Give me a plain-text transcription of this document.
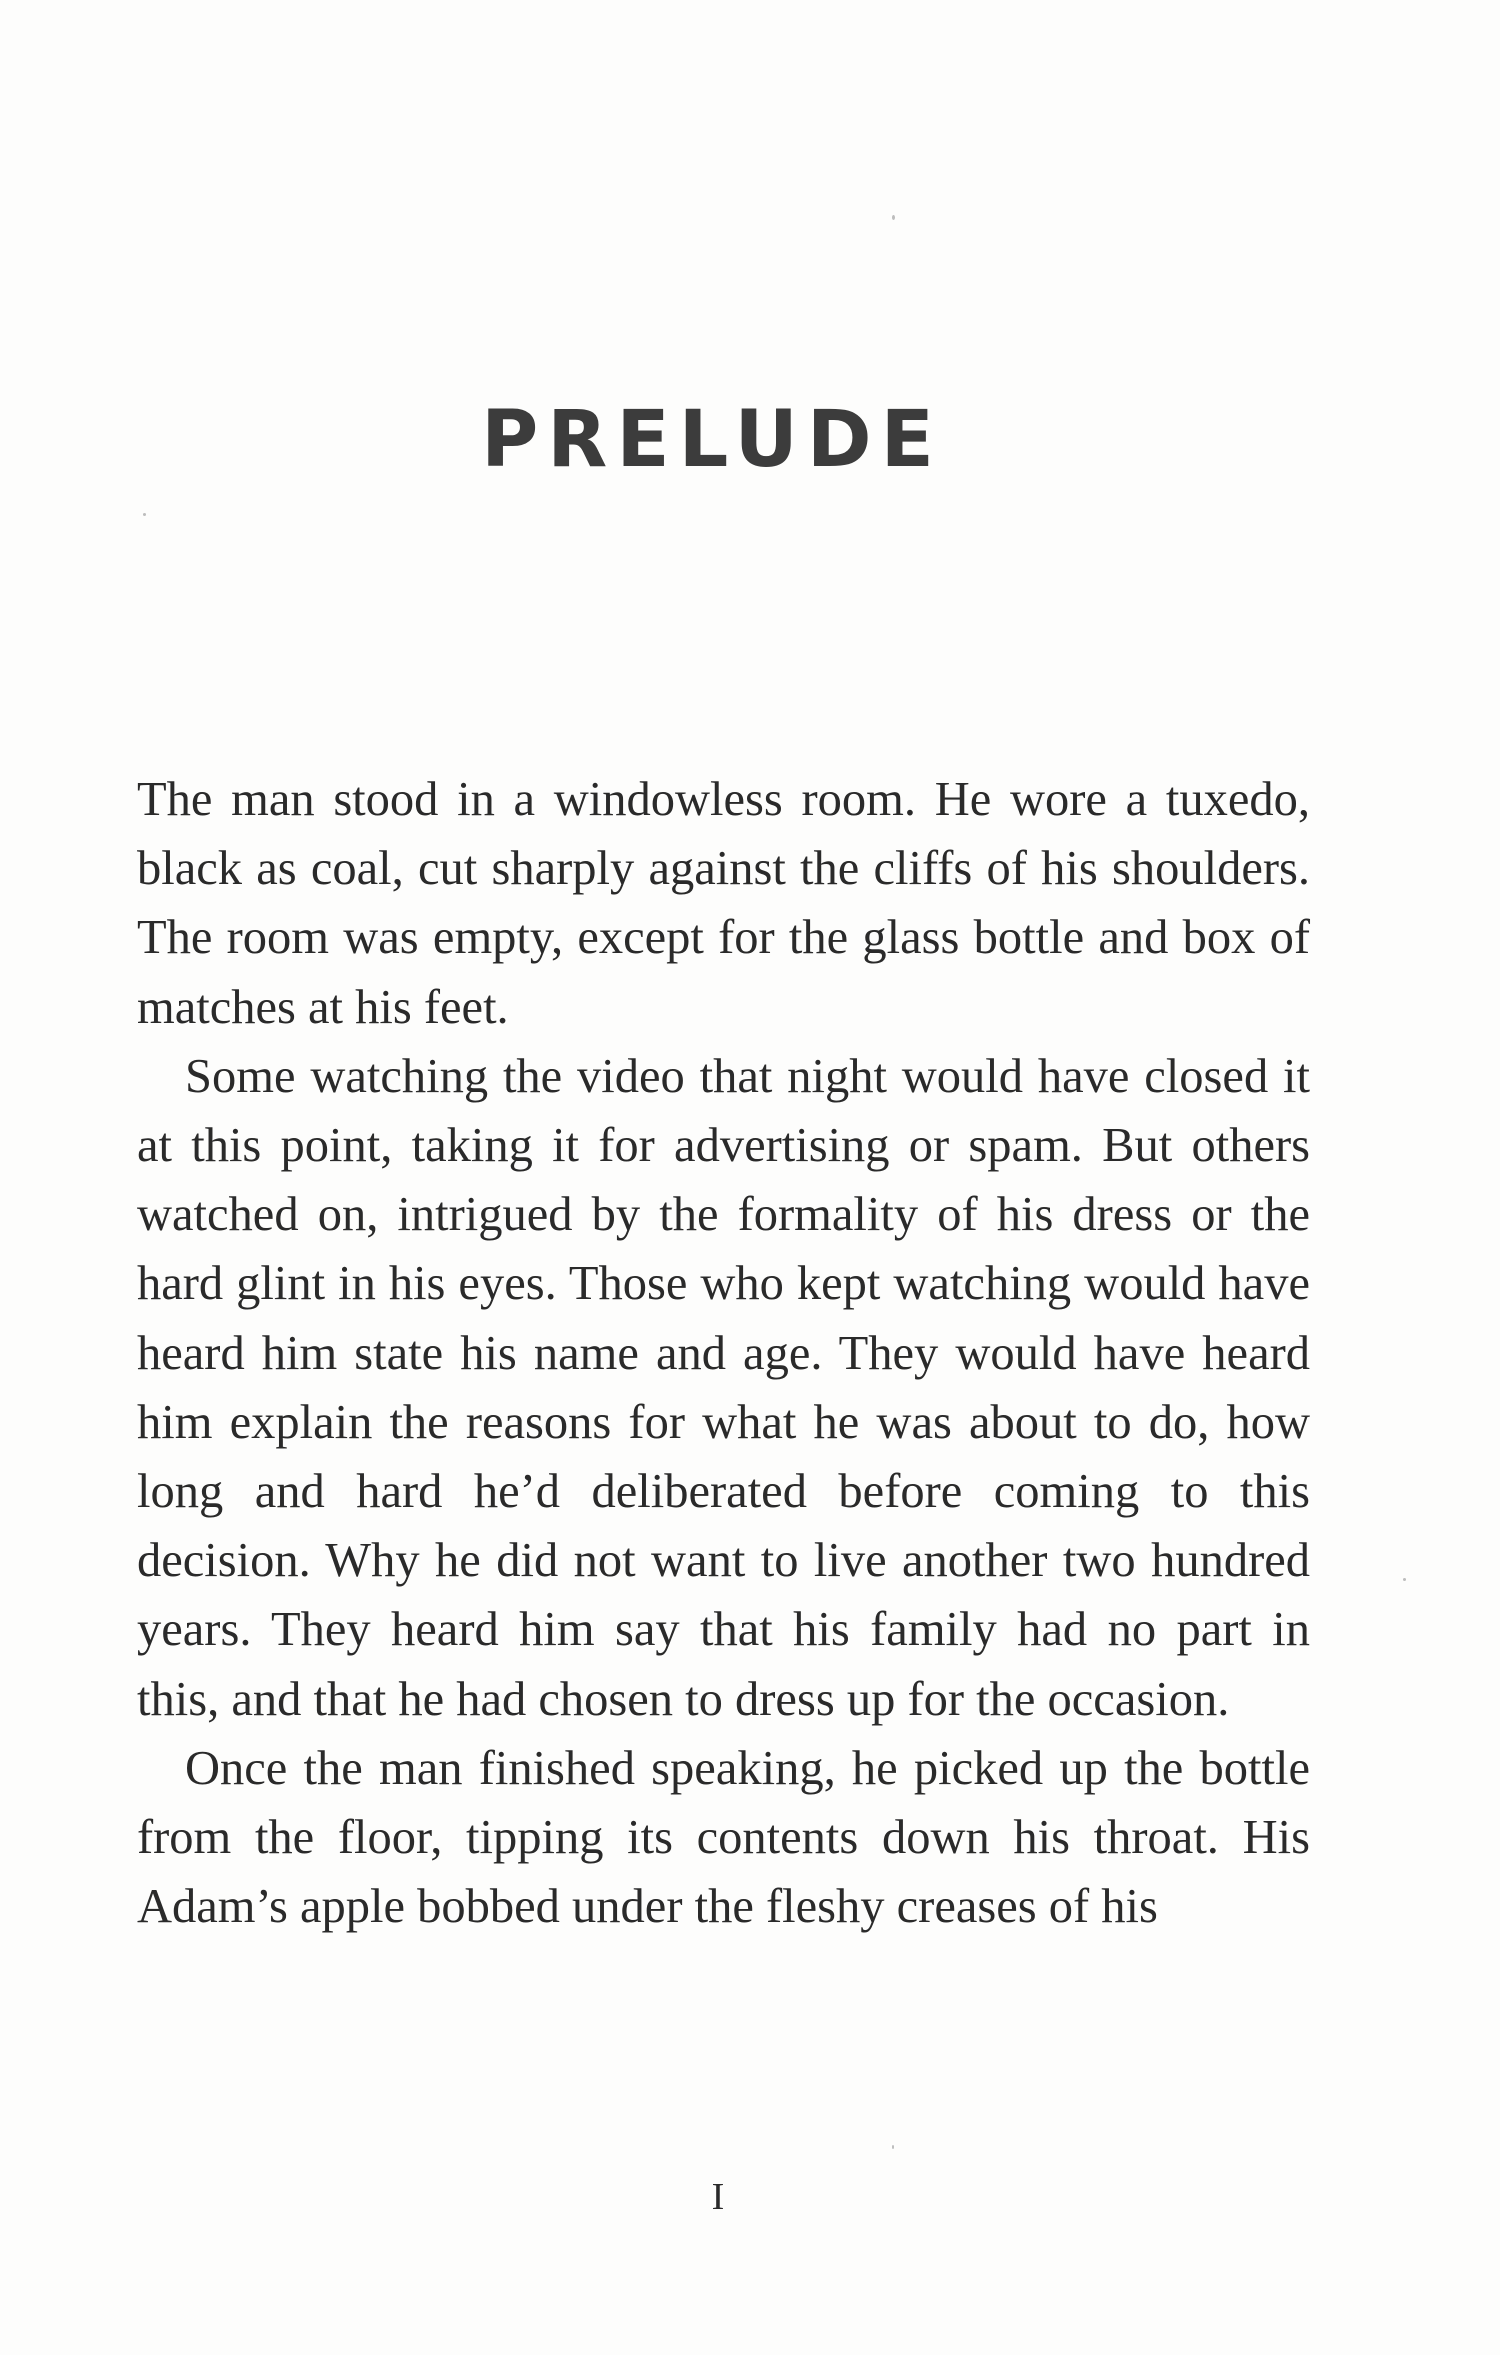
PRELUDE

The man stood in a windowless room. He wore a tuxedo, black as coal, cut sharply against the cliffs of his shoulders. The room was empty, except for the glass bottle and box of matches at his feet.

Some watching the video that night would have closed it at this point, taking it for advertising or spam. But others watched on, intrigued by the formality of his dress or the hard glint in his eyes. Those who kept watching would have heard him state his name and age. They would have heard him explain the reasons for what he was about to do, how long and hard he’d deliberated before coming to this decision. Why he did not want to live another two hundred years. They heard him say that his family had no part in this, and that he had chosen to dress up for the occasion.

Once the man finished speaking, he picked up the bottle from the floor, tipping its contents down his throat. His Adam’s apple bobbed under the fleshy creases of his

I
